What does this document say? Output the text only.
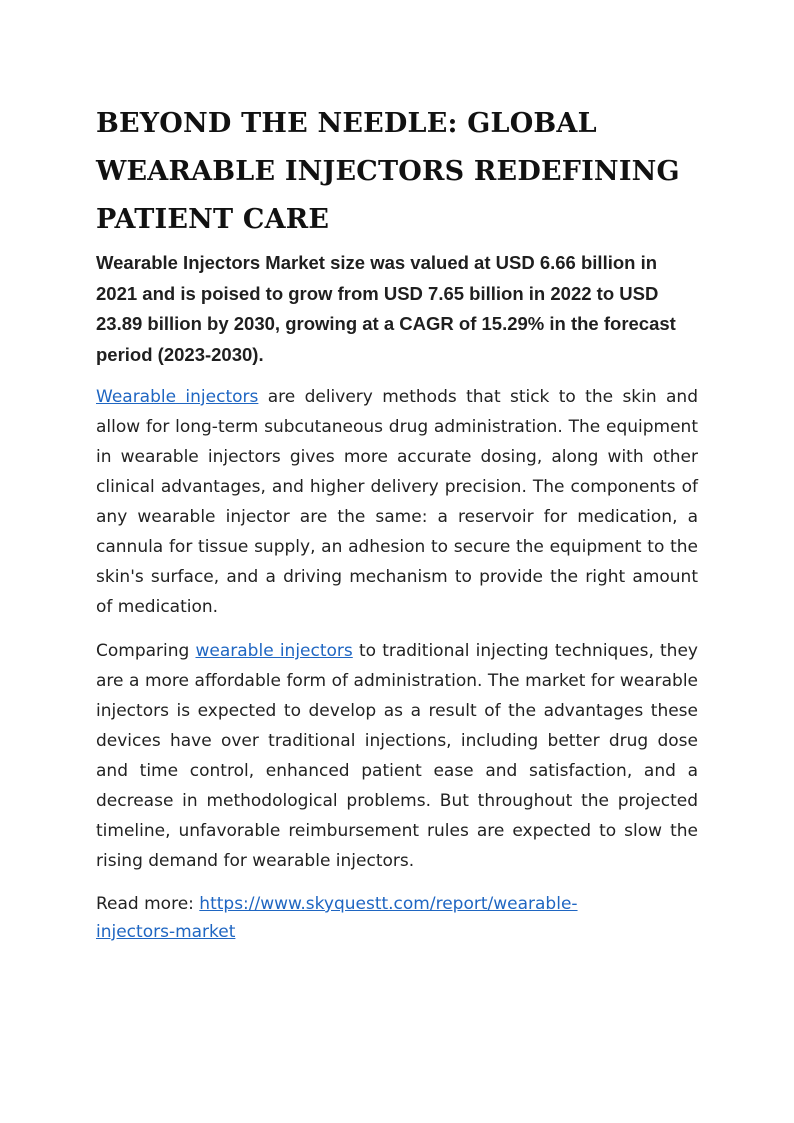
BEYOND THE NEEDLE: GLOBAL
WEARABLE INJECTORS REDEFINING
PATIENT CARE

Wearable Injectors Market size was valued at USD 6.66 billion in 2021 and is poised to grow from USD 7.65 billion in 2022 to USD 23.89 billion by 2030, growing at a CAGR of 15.29% in the forecast period (2023-2030).

Wearable injectors are delivery methods that stick to the skin and allow for long-term subcutaneous drug administration. The equipment in wearable injectors gives more accurate dosing, along with other clinical advantages, and higher delivery precision. The components of any wearable injector are the same: a reservoir for medication, a cannula for tissue supply, an adhesion to secure the equipment to the skin's surface, and a driving mechanism to provide the right amount of medication.

Comparing wearable injectors to traditional injecting techniques, they are a more affordable form of administration. The market for wearable injectors is expected to develop as a result of the advantages these devices have over traditional injections, including better drug dose and time control, enhanced patient ease and satisfaction, and a decrease in methodological problems. But throughout the projected timeline, unfavorable reimbursement rules are expected to slow the rising demand for wearable injectors.

Read more: https://www.skyquestt.com/report/wearable-
injectors-market
